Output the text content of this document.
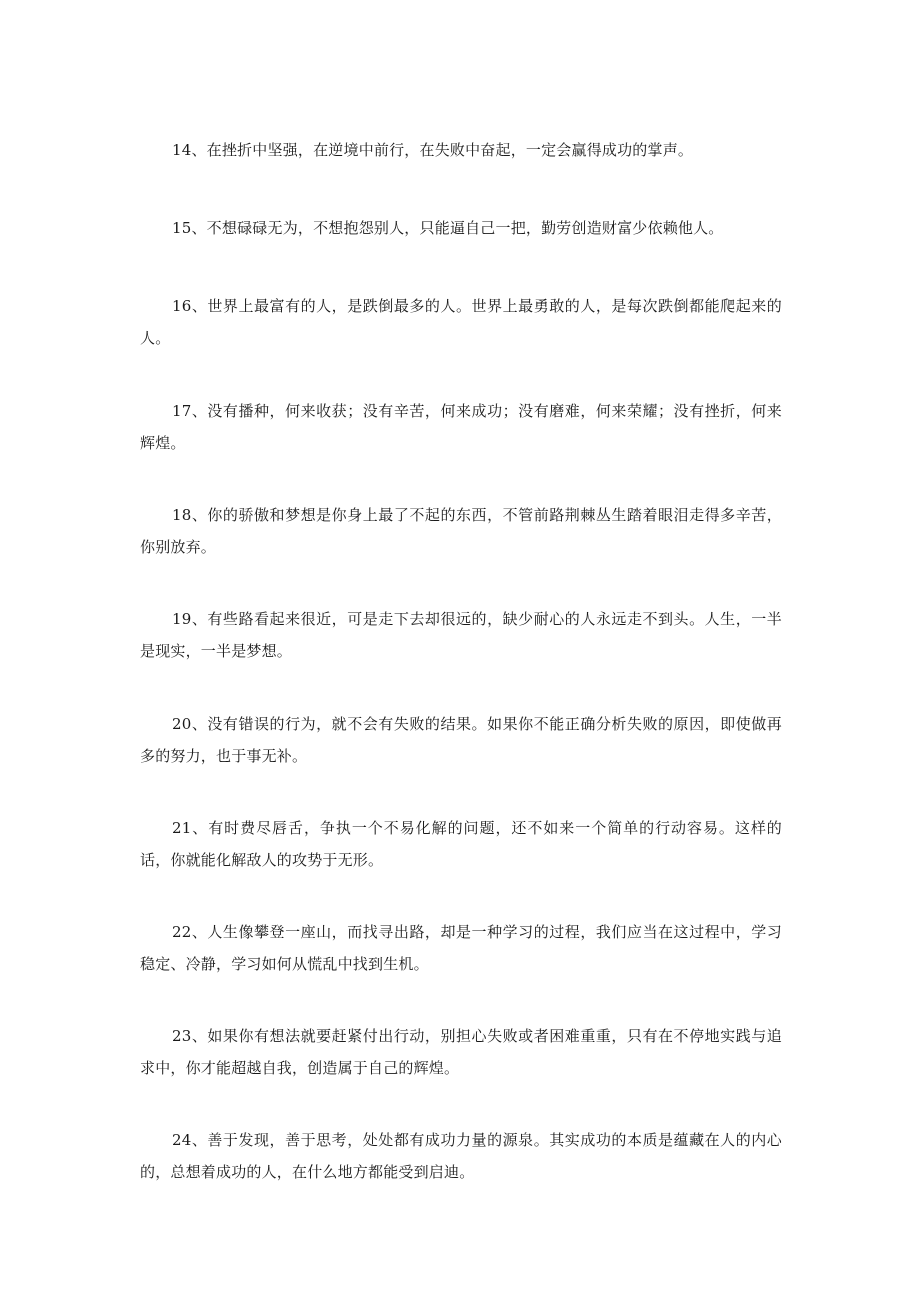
14、在挫折中坚强，在逆境中前行，在失败中奋起，一定会赢得成功的掌声。

15、不想碌碌无为，不想抱怨别人，只能逼自己一把，勤劳创造财富少依赖他人。

16、世界上最富有的人，是跌倒最多的人。世界上最勇敢的人，是每次跌倒都能爬起来的人。

17、没有播种，何来收获；没有辛苦，何来成功；没有磨难，何来荣耀；没有挫折，何来辉煌。

18、你的骄傲和梦想是你身上最了不起的东西，不管前路荆棘丛生踏着眼泪走得多辛苦，你别放弃。

19、有些路看起来很近，可是走下去却很远的，缺少耐心的人永远走不到头。人生，一半是现实，一半是梦想。

20、没有错误的行为，就不会有失败的结果。如果你不能正确分析失败的原因，即使做再多的努力，也于事无补。

21、有时费尽唇舌，争执一个不易化解的问题，还不如来一个简单的行动容易。这样的话，你就能化解敌人的攻势于无形。

22、人生像攀登一座山，而找寻出路，却是一种学习的过程，我们应当在这过程中，学习稳定、冷静，学习如何从慌乱中找到生机。

23、如果你有想法就要赶紧付出行动，别担心失败或者困难重重，只有在不停地实践与追求中，你才能超越自我，创造属于自己的辉煌。

24、善于发现，善于思考，处处都有成功力量的源泉。其实成功的本质是蕴藏在人的内心的，总想着成功的人，在什么地方都能受到启迪。
